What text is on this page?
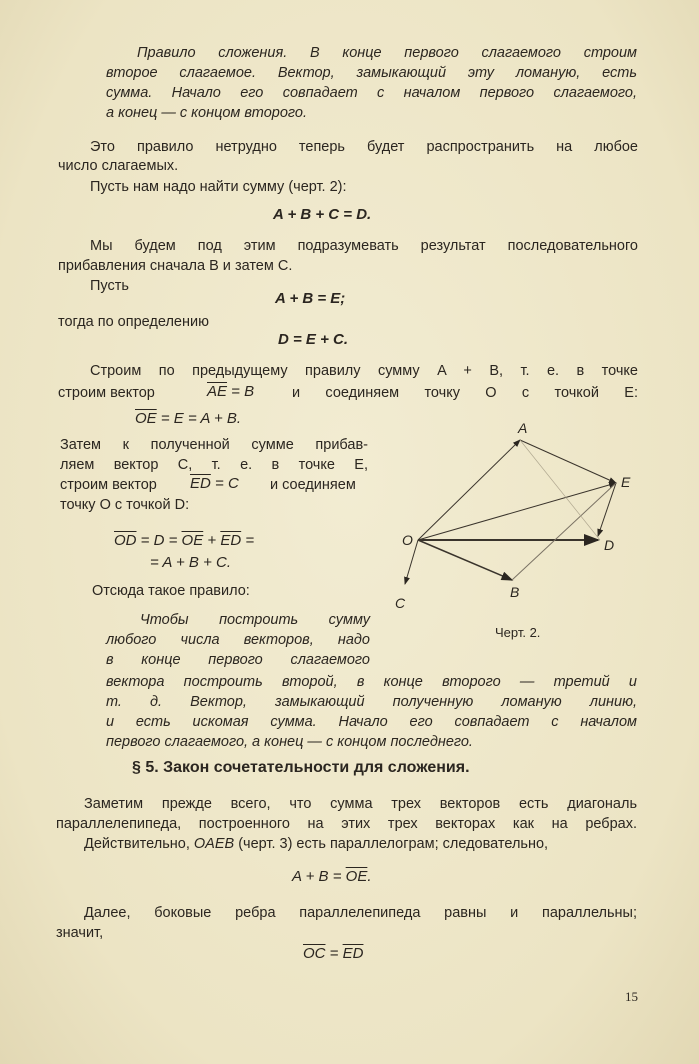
Правило сложения. В конце первого слагаемого строим
второе слагаемое. Вектор, замыкающий эту ломаную, есть
сумма. Начало его совпадает с началом первого слагаемого,
а конец — с концом второго.
Это правило нетрудно теперь будет распространить на любое
число слагаемых.
Пусть нам надо найти сумму (черт. 2):
A + B + C = D.
Мы будем под этим подразумевать результат последовательного
прибавления сначала B и затем C.
Пусть
A + B = E;
тогда по определению
D = E + C.
Строим по предыдущему правилу сумму A + B, т. е. в точке
строим вектор	$\overline{AE} = B$	и соединяем точку O с точкой E:
$\overline{OE} = E = A + B$.
Затем к полученной сумме прибав-
ляем вектор C, т. е. в точке E,
строим вектор $\overline{ED} = C$ и соединяем
точку O с точкой D:
$\overline{OD} = D = \overline{OE} + \overline{ED}$ =
= A + B + C.
Отсюда такое правило:
Чтобы построить сумму
любого числа векторов, надо
в конце первого слагаемого
вектора построить второй, в конце второго — третий и
т. д. Вектор, замыкающий полученную ломаную линию,
и есть искомая сумма. Начало его совпадает с началом
первого слагаемого, а конец — с концом последнего.
A
E
O	D
B
C
Черт. 2.
§ 5. Закон сочетательности для сложения.
Заметим прежде всего, что сумма трех векторов есть диагональ
параллелепипеда, построенного на этих трех векторах как на ребрах.
Действительно, OAEB (черт. 3) есть параллелограм; следовательно,
$A + B = \overline{OE}$.
Далее, боковые ребра параллелепипеда равны и параллельны;
значит,
$\overline{OC} = \overline{ED}$
15
